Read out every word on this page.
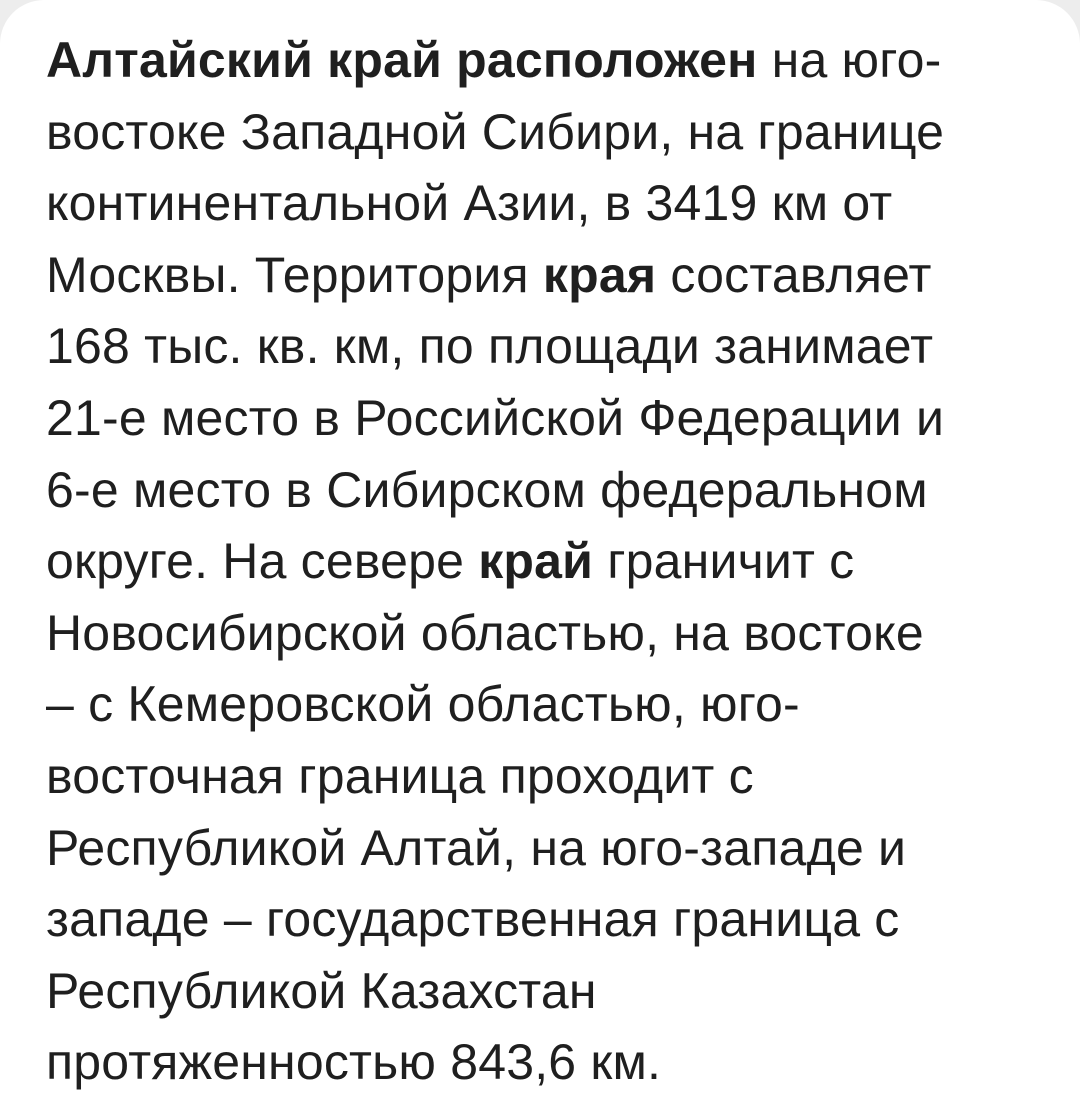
Алтайский край расположен на юго-
востоке Западной Сибири, на границе
континентальной Азии, в 3419 км от
Москвы. Территория края составляет
168 тыс. кв. км, по площади занимает
21-е место в Российской Федерации и
6-е место в Сибирском федеральном
округе. На севере край граничит с
Новосибирской областью, на востоке
– с Кемеровской областью, юго-
восточная граница проходит с
Республикой Алтай, на юго-западе и
западе – государственная граница с
Республикой Казахстан
протяженностью 843,6 км.
